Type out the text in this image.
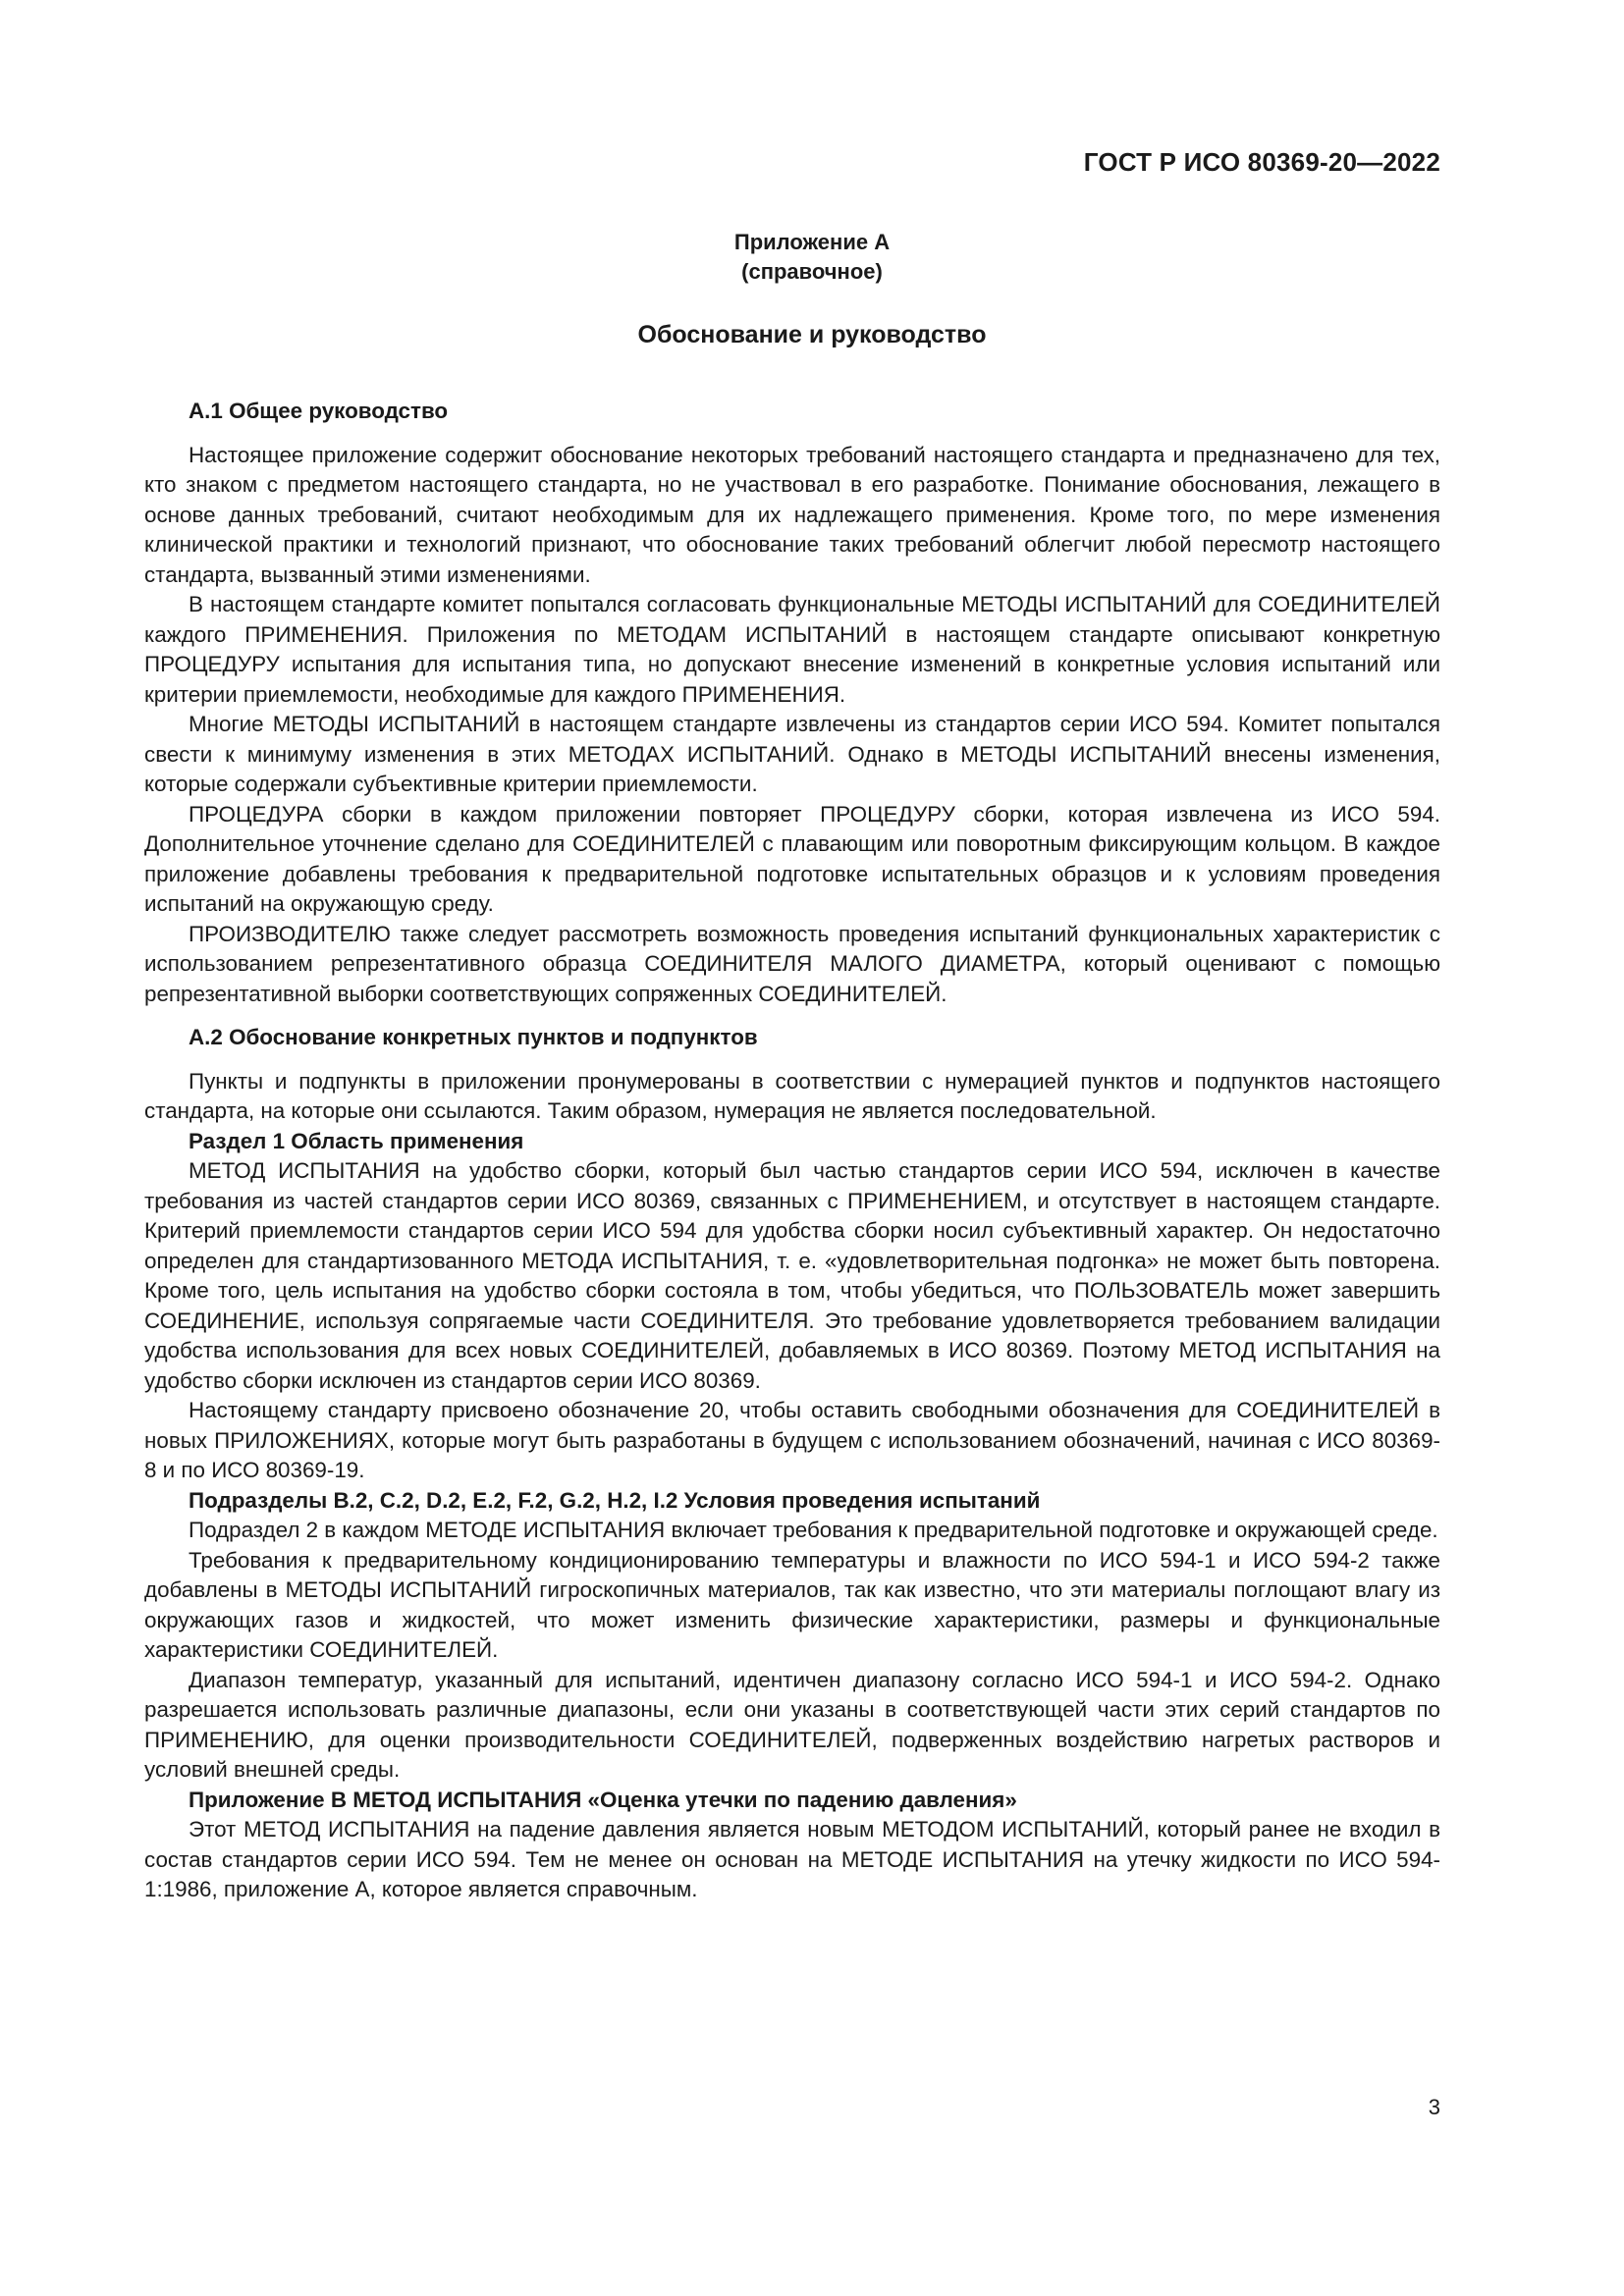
ГОСТ Р ИСО 80369-20—2022
Приложение А
(справочное)
Обоснование и руководство
А.1 Общее руководство

Настоящее приложение содержит обоснование некоторых требований настоящего стандарта и предназначено для тех, кто знаком с предметом настоящего стандарта, но не участвовал в его разработке. Понимание обоснования, лежащего в основе данных требований, считают необходимым для их надлежащего применения. Кроме того, по мере изменения клинической практики и технологий признают, что обоснование таких требований облегчит любой пересмотр настоящего стандарта, вызванный этими изменениями.

В настоящем стандарте комитет попытался согласовать функциональные МЕТОДЫ ИСПЫТАНИЙ для СОЕДИНИТЕЛЕЙ каждого ПРИМЕНЕНИЯ. Приложения по МЕТОДАМ ИСПЫТАНИЙ в настоящем стандарте описывают конкретную ПРОЦЕДУРУ испытания для испытания типа, но допускают внесение изменений в конкретные условия испытаний или критерии приемлемости, необходимые для каждого ПРИМЕНЕНИЯ.

Многие МЕТОДЫ ИСПЫТАНИЙ в настоящем стандарте извлечены из стандартов серии ИСО 594. Комитет попытался свести к минимуму изменения в этих МЕТОДАХ ИСПЫТАНИЙ. Однако в МЕТОДЫ ИСПЫТАНИЙ внесены изменения, которые содержали субъективные критерии приемлемости.

ПРОЦЕДУРА сборки в каждом приложении повторяет ПРОЦЕДУРУ сборки, которая извлечена из ИСО 594. Дополнительное уточнение сделано для СОЕДИНИТЕЛЕЙ с плавающим или поворотным фиксирующим кольцом. В каждое приложение добавлены требования к предварительной подготовке испытательных образцов и к условиям проведения испытаний на окружающую среду.

ПРОИЗВОДИТЕЛЮ также следует рассмотреть возможность проведения испытаний функциональных характеристик с использованием репрезентативного образца СОЕДИНИТЕЛЯ МАЛОГО ДИАМЕТРА, который оценивают с помощью репрезентативной выборки соответствующих сопряженных СОЕДИНИТЕЛЕЙ.

А.2 Обоснование конкретных пунктов и подпунктов

Пункты и подпункты в приложении пронумерованы в соответствии с нумерацией пунктов и подпунктов настоящего стандарта, на которые они ссылаются. Таким образом, нумерация не является последовательной.

Раздел 1 Область применения

МЕТОД ИСПЫТАНИЯ на удобство сборки, который был частью стандартов серии ИСО 594, исключен в качестве требования из частей стандартов серии ИСО 80369, связанных с ПРИМЕНЕНИЕМ, и отсутствует в настоящем стандарте. Критерий приемлемости стандартов серии ИСО 594 для удобства сборки носил субъективный характер. Он недостаточно определен для стандартизованного МЕТОДА ИСПЫТАНИЯ, т. е. «удовлетворительная подгонка» не может быть повторена. Кроме того, цель испытания на удобство сборки состояла в том, чтобы убедиться, что ПОЛЬЗОВАТЕЛЬ может завершить СОЕДИНЕНИЕ, используя сопрягаемые части СОЕДИНИТЕЛЯ. Это требование удовлетворяется требованием валидации удобства использования для всех новых СОЕДИНИТЕЛЕЙ, добавляемых в ИСО 80369. Поэтому МЕТОД ИСПЫТАНИЯ на удобство сборки исключен из стандартов серии ИСО 80369.

Настоящему стандарту присвоено обозначение 20, чтобы оставить свободными обозначения для СОЕДИНИТЕЛЕЙ в новых ПРИЛОЖЕНИЯХ, которые могут быть разработаны в будущем с использованием обозначений, начиная с ИСО 80369-8 и по ИСО 80369-19.

Подразделы B.2, C.2, D.2, E.2, F.2, G.2, H.2, I.2 Условия проведения испытаний

Подраздел 2 в каждом МЕТОДЕ ИСПЫТАНИЯ включает требования к предварительной подготовке и окружающей среде.

Требования к предварительному кондиционированию температуры и влажности по ИСО 594-1 и ИСО 594-2 также добавлены в МЕТОДЫ ИСПЫТАНИЙ гигроскопичных материалов, так как известно, что эти материалы поглощают влагу из окружающих газов и жидкостей, что может изменить физические характеристики, размеры и функциональные характеристики СОЕДИНИТЕЛЕЙ.

Диапазон температур, указанный для испытаний, идентичен диапазону согласно ИСО 594-1 и ИСО 594-2. Однако разрешается использовать различные диапазоны, если они указаны в соответствующей части этих серий стандартов по ПРИМЕНЕНИЮ, для оценки производительности СОЕДИНИТЕЛЕЙ, подверженных воздействию нагретых растворов и условий внешней среды.

Приложение В МЕТОД ИСПЫТАНИЯ «Оценка утечки по падению давления»

Этот МЕТОД ИСПЫТАНИЯ на падение давления является новым МЕТОДОМ ИСПЫТАНИЙ, который ранее не входил в состав стандартов серии ИСО 594. Тем не менее он основан на МЕТОДЕ ИСПЫТАНИЯ на утечку жидкости по ИСО 594-1:1986, приложение А, которое является справочным.

3
